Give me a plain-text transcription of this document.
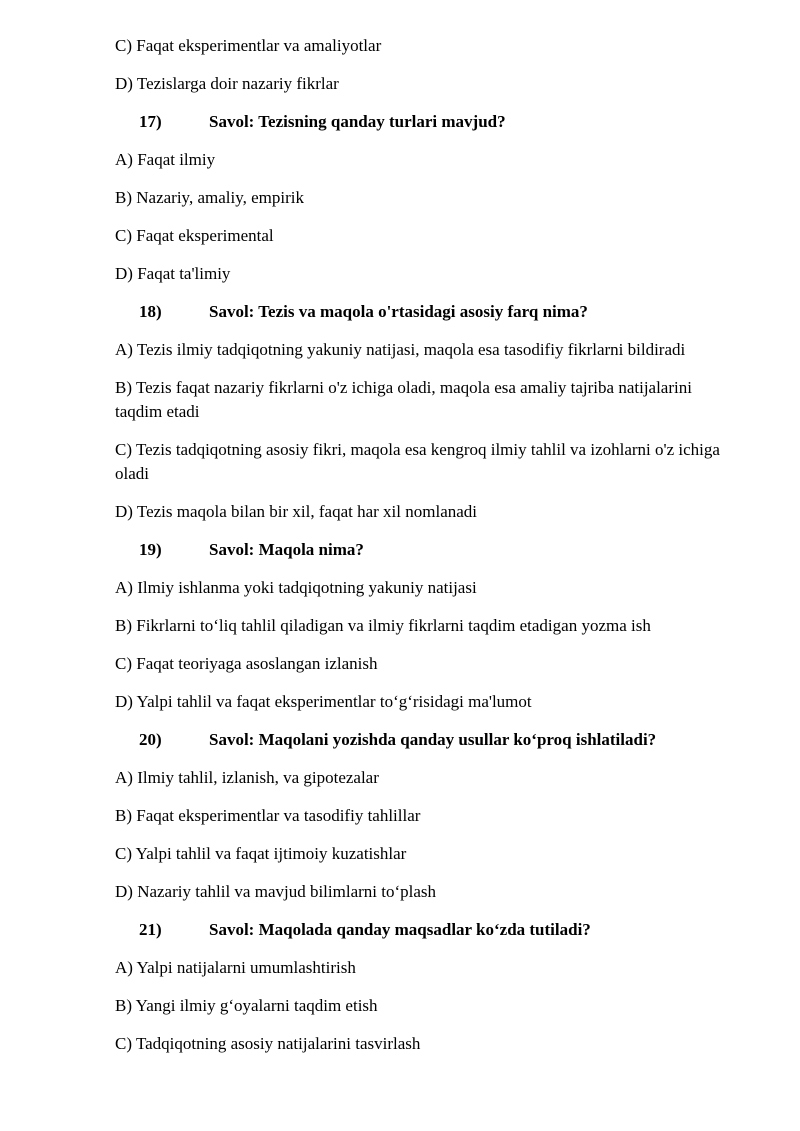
C) Faqat eksperimentlar va amaliyotlar

D) Tezislarga doir nazariy fikrlar

17)	Savol: Tezisning qanday turlari mavjud?

A) Faqat ilmiy

B) Nazariy, amaliy, empirik

C) Faqat eksperimental

D) Faqat ta'limiy

18)	Savol: Tezis va maqola o'rtasidagi asosiy farq nima?

A) Tezis ilmiy tadqiqotning yakuniy natijasi, maqola esa tasodifiy fikrlarni bildiradi

B) Tezis faqat nazariy fikrlarni o'z ichiga oladi, maqola esa amaliy tajriba natijalarini taqdim etadi

C) Tezis tadqiqotning asosiy fikri, maqola esa kengroq ilmiy tahlil va izohlarni o'z ichiga oladi

D) Tezis maqola bilan bir xil, faqat har xil nomlanadi

19)	Savol: Maqola nima?

A) Ilmiy ishlanma yoki tadqiqotning yakuniy natijasi

B) Fikrlarni to‘liq tahlil qiladigan va ilmiy fikrlarni taqdim etadigan yozma ish

C) Faqat teoriyaga asoslangan izlanish

D) Yalpi tahlil va faqat eksperimentlar to‘g‘risidagi ma'lumot

20)	Savol: Maqolani yozishda qanday usullar ko‘proq ishlatiladi?

A) Ilmiy tahlil, izlanish, va gipotezalar

B) Faqat eksperimentlar va tasodifiy tahlillar

C) Yalpi tahlil va faqat ijtimoiy kuzatishlar

D) Nazariy tahlil va mavjud bilimlarni to‘plash

21)	Savol: Maqolada qanday maqsadlar ko‘zda tutiladi?

A) Yalpi natijalarni umumlashtirish

B) Yangi ilmiy g‘oyalarni taqdim etish

C) Tadqiqotning asosiy natijalarini tasvirlash
